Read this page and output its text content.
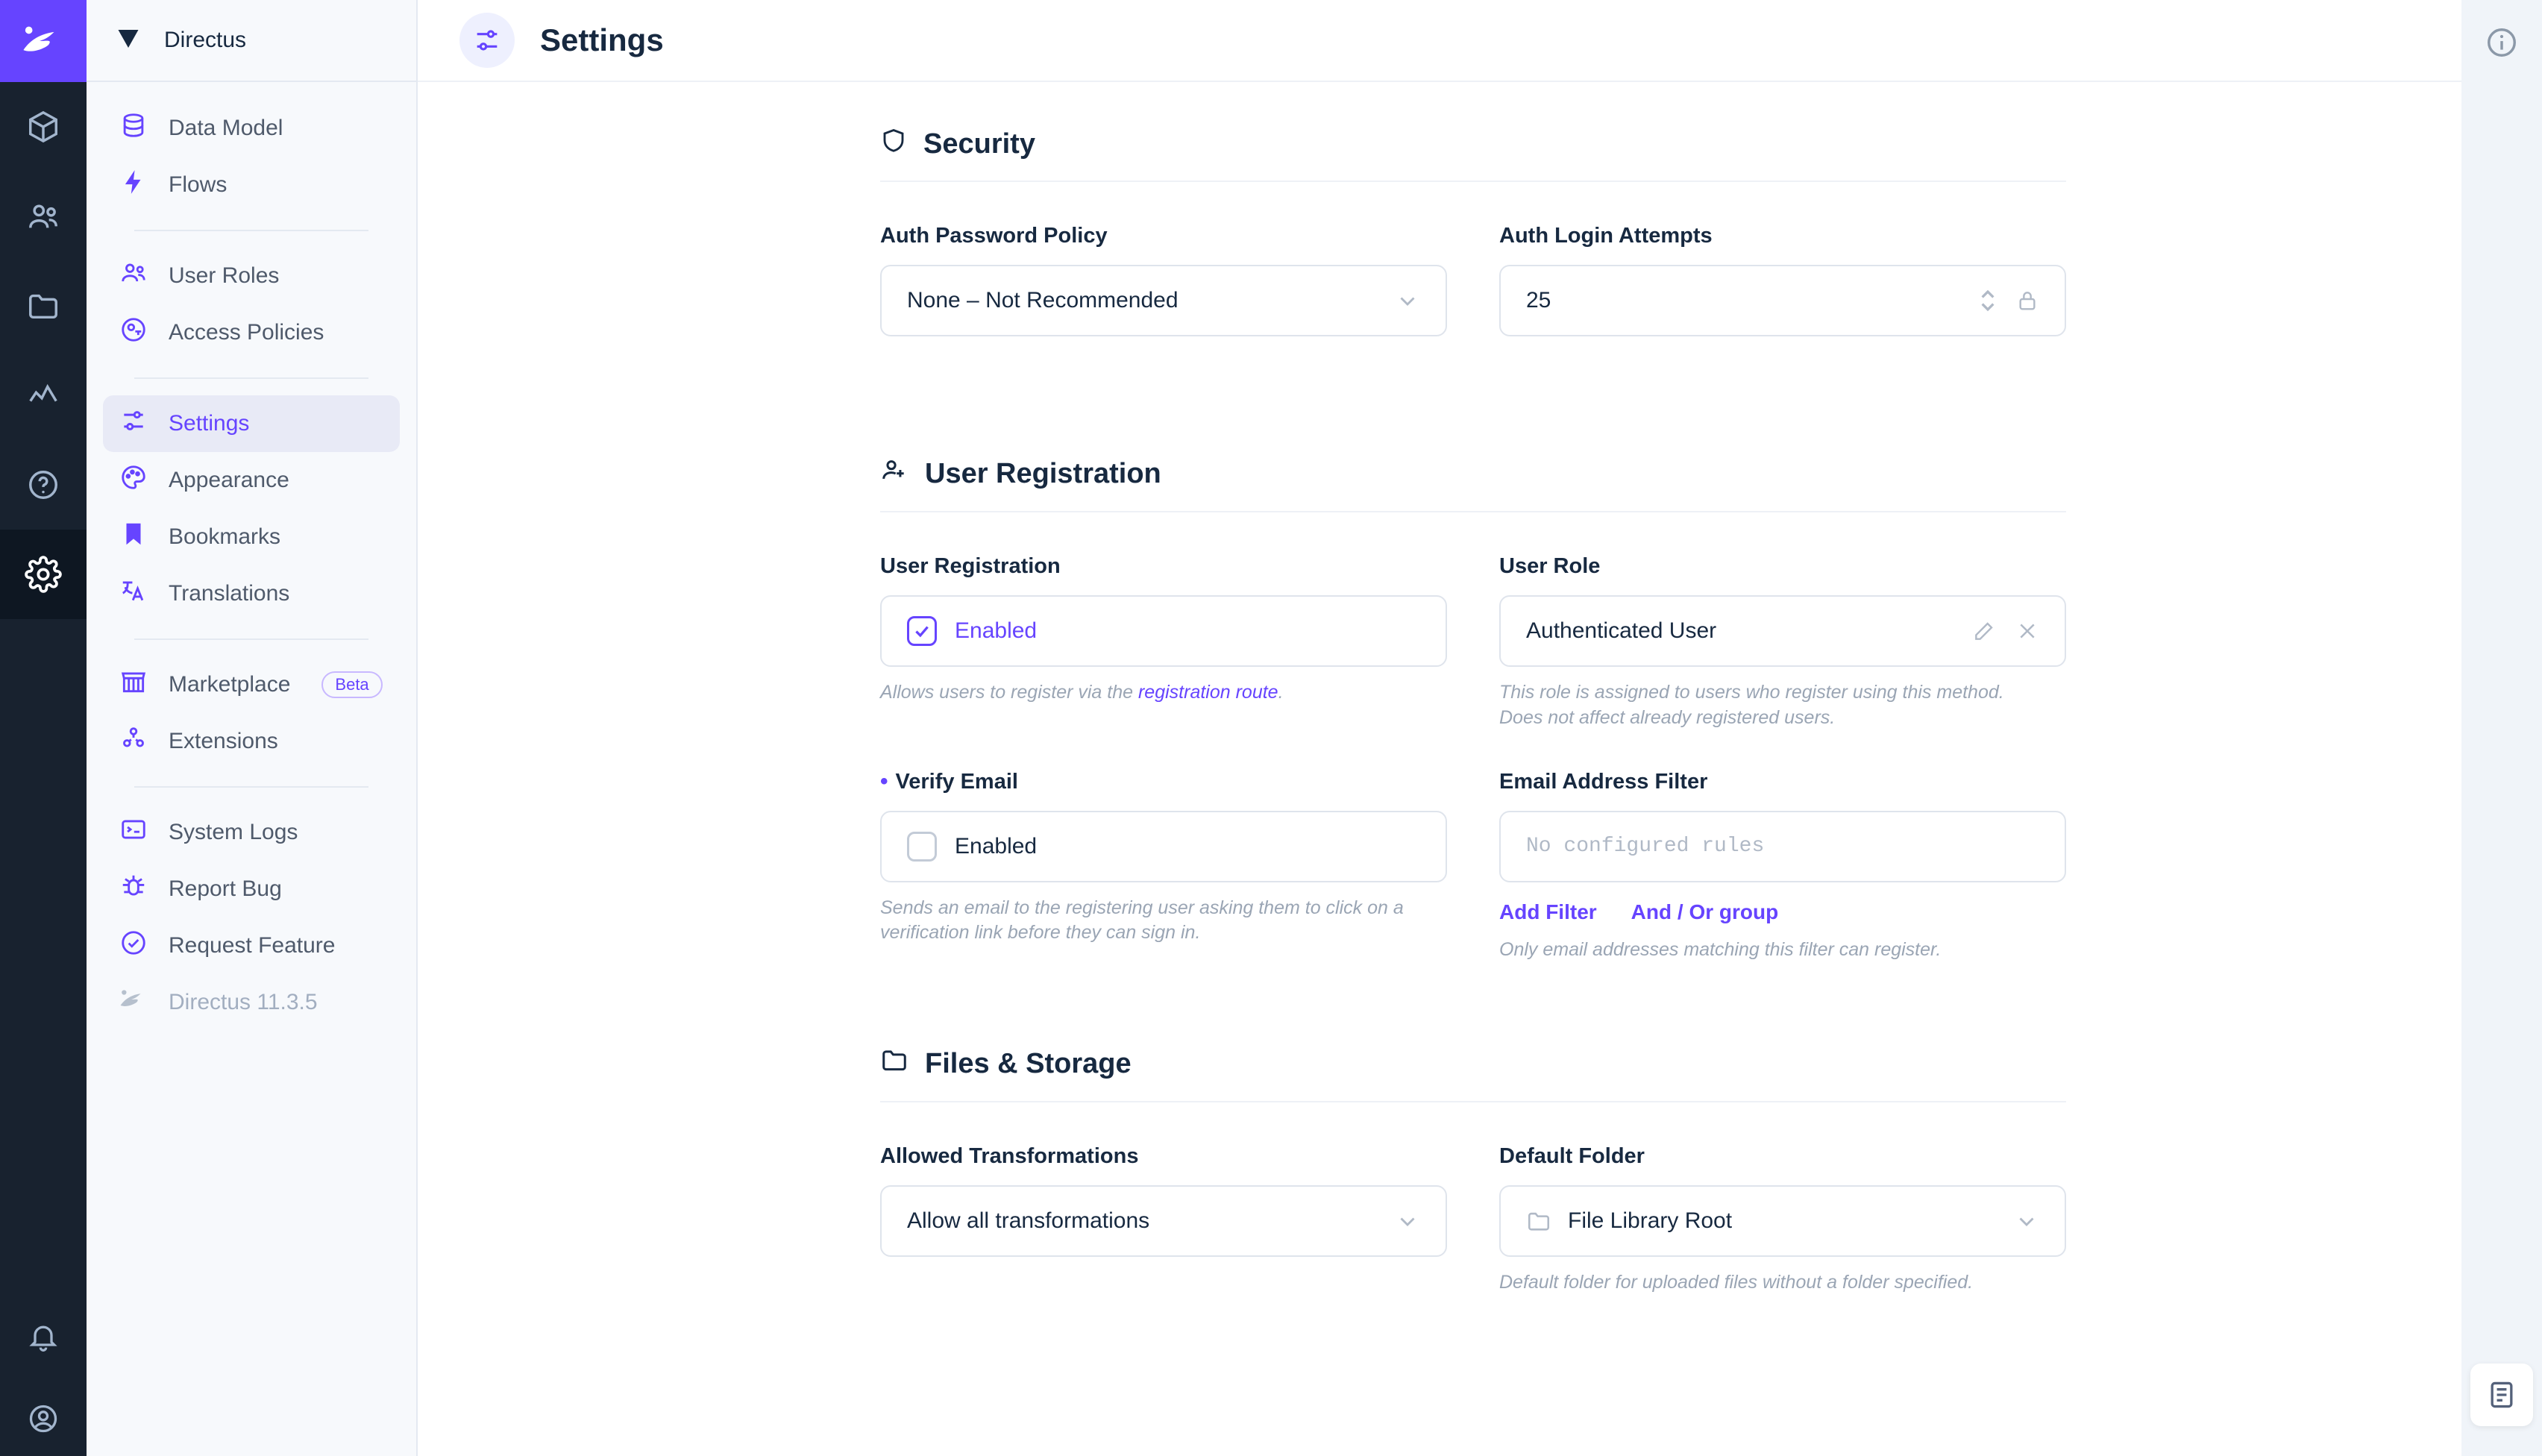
Directus
Data Model
Flows
User Roles
Access Policies
Settings
Appearance
Bookmarks
Translations
Marketplace	Beta
Extensions
System Logs
Report Bug
Request Feature
Directus 11.3.5
Settings
Security
Auth Password Policy
None – Not Recommended
Auth Login Attempts
25
User Registration
User Registration
Enabled
Allows users to register via the registration route.
User Role
Authenticated User
This role is assigned to users who register using this method. Does not affect already registered users.
• Verify Email
Enabled
Sends an email to the registering user asking them to click on a verification link before they can sign in.
Email Address Filter
No configured rules
Add Filter And / Or group
Only email addresses matching this filter can register.
Files & Storage
Allowed Transformations
Allow all transformations
Default Folder
File Library Root
Default folder for uploaded files without a folder specified.
